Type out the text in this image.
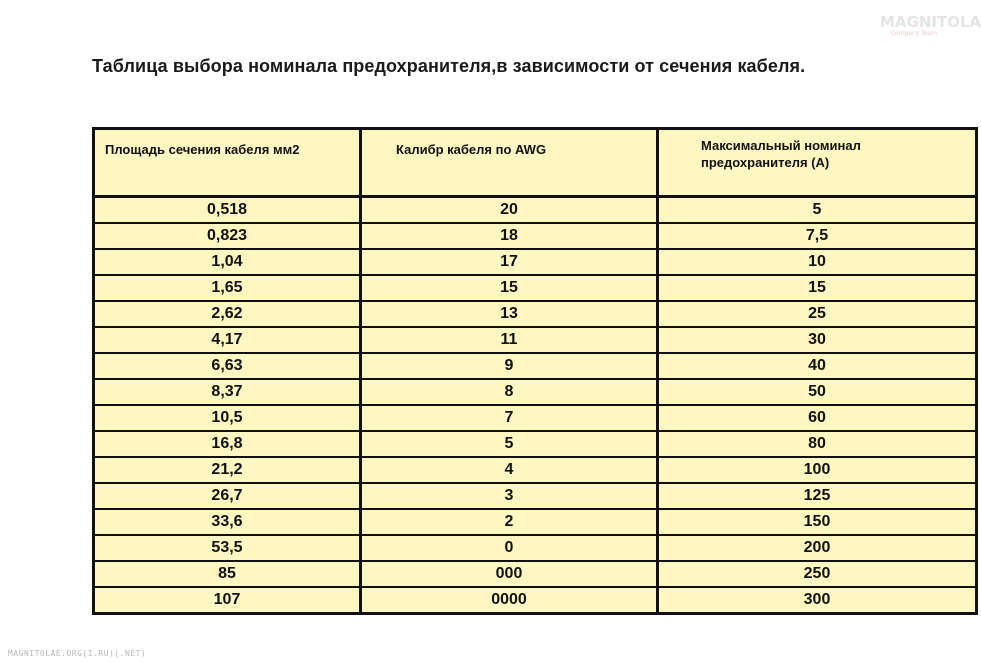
Таблица выбора номинала предохранителя,в зависимости от сечения кабеля.
MAGNITOLA
Company Team
Площадь сечения кабеля мм2	Калибр кабеля по AWG	Максимальный номинал предохранителя (А)
0,518	20	5
0,823	18	7,5
1,04	17	10
1,65	15	15
2,62	13	25
4,17	11	30
6,63	9	40
8,37	8	50
10,5	7	60
16,8	5	80
21,2	4	100
26,7	3	125
33,6	2	150
53,5	0	200
85	000	250
107	0000	300
MAGNITOLAE.ORG(I.RU)(.NET)
